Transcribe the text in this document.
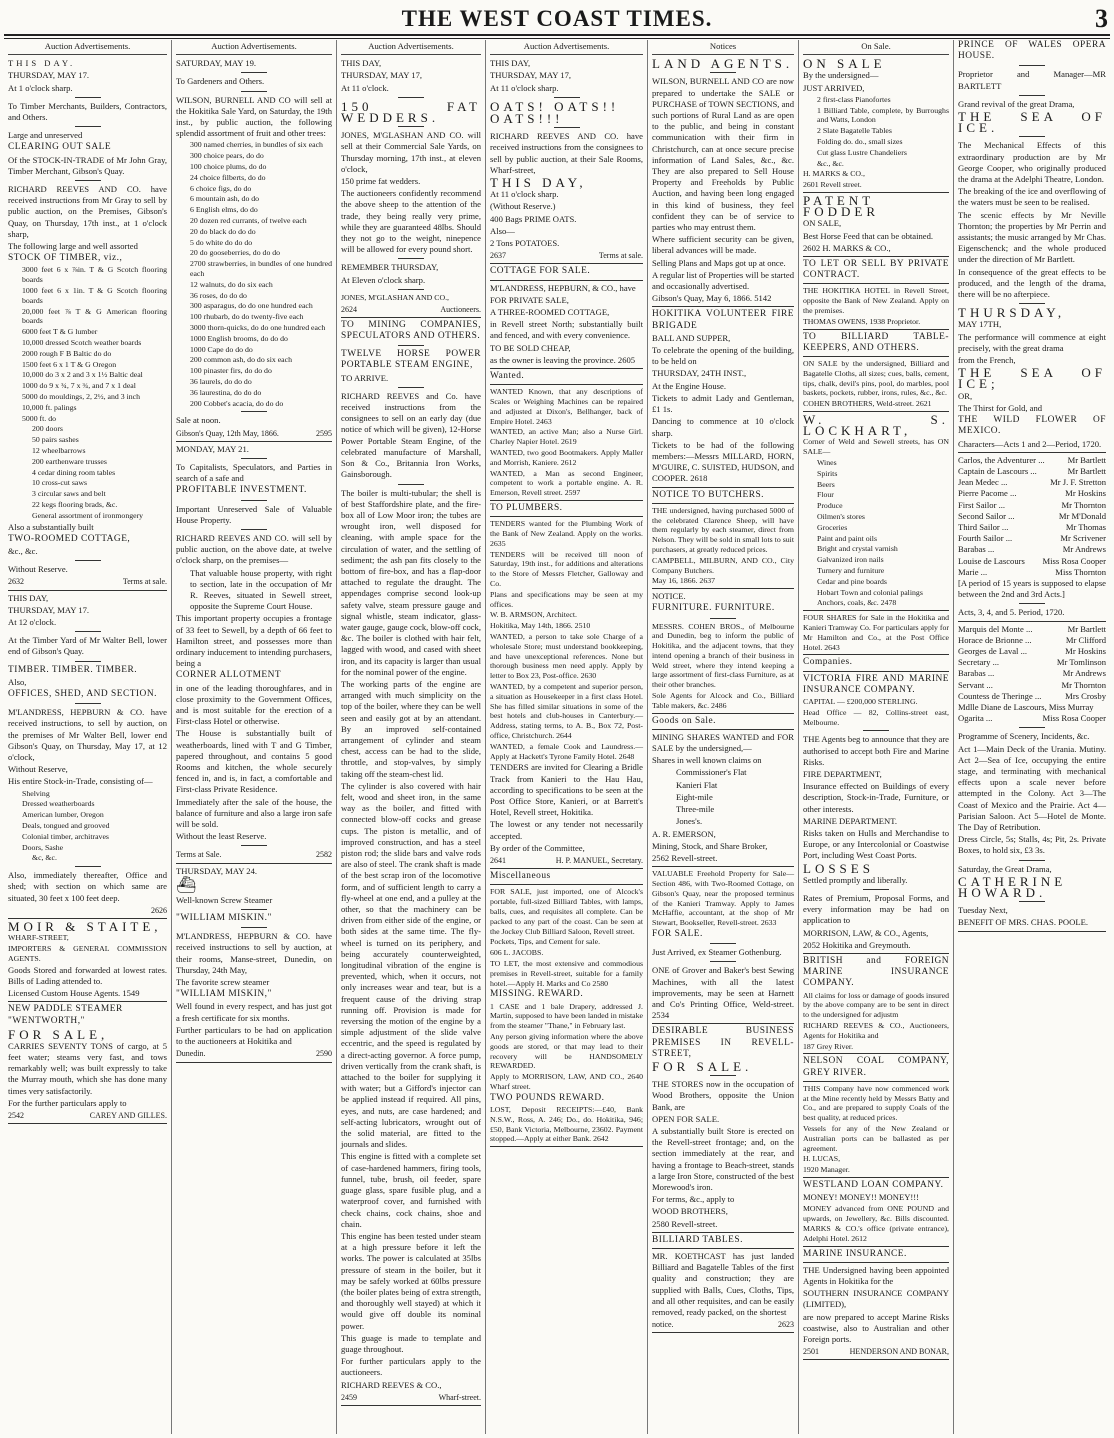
THE WEST COAST TIMES.	3
Auction Advertisements.

THIS DAY.

THURSDAY, MAY 17.

At 1 o'clock sharp.

To Timber Merchants, Builders, Contractors, and Others.

Large and unreserved

CLEARING OUT SALE

Of the STOCK-IN-TRADE of Mr John Gray, Timber Merchant, Gibson's Quay.

RICHARD REEVES AND CO. have received instructions from Mr Gray to sell by public auction, on the Premises, Gibson's Quay, on Thursday, 17th inst., at 1 o'clock sharp,

The following large and well assorted

STOCK OF TIMBER, viz.,

3000 feet 6 x ⅞in. T & G Scotch flooring boards

1000 feet 6 x 1in. T & G Scotch flooring boards

20,000 feet ⅞ T & G American flooring boards

6000 feet T & G lumber

10,000 dressed Scotch weather boards

2000 rough F B Baltic do do

1500 feet 6 x 1 T & G Oregon

10,000 do 3 x 2 and 3 x 1½ Baltic deal

1000 do 9 x ¾, 7 x ¾, and 7 x 1 deal

5000 do mouldings, 2, 2½, and 3 inch

10,000 ft. palings

5000 ft. do

200 doors

50 pairs sashes

12 wheelbarrows

200 earthenware trusses

4 cedar dining room tables

10 cross-cut saws

3 circular saws and belt

22 kegs flooring brads, &c.

General assortment of ironmongery

Also a substantially built

TWO-ROOMED COTTAGE,

&c., &c.

Without Reserve.

2632	Terms at sale.

THIS DAY,

THURSDAY, MAY 17.

At 12 o'clock.

At the Timber Yard of Mr Walter Bell, lower end of Gibson's Quay.

TIMBER. TIMBER. TIMBER.

Also,

OFFICES, SHED, AND SECTION.

M'LANDRESS, HEPBURN & CO. have received instructions, to sell by auction, on the premises of Mr Walter Bell, lower end Gibson's Quay, on Thursday, May 17, at 12 o'clock,

Without Reserve,

His entire Stock-in-Trade, consisting of—

Shelving

Dressed weatherboards

American lumber, Oregon

Deals, tongued and grooved

Colonial timber, architraves

Doors, Sashe

&c, &c.

Also, immediately thereafter, Office and shed; with section on which same are situated, 30 feet x 100 feet deep.

2626

MOIR & STAITE,

WHARF-STREET,

IMPORTERS & GENERAL COMMISSION AGENTS.

Goods Stored and forwarded at lowest rates. Bills of Lading attended to.

Licensed Custom House Agents. 1549

NEW PADDLE STEAMER

"WENTWORTH,"

FOR SALE,

CARRIES SEVENTY TONS of cargo, at 5 feet water; steams very fast, and tows remarkably well; was built expressly to take the Murray mouth, which she has done many times very satisfactorily.

For the further particulars apply to

2542	CAREY AND GILLES.
Auction Advertisements.

SATURDAY, MAY 19.

To Gardeners and Others.

WILSON, BURNELL AND CO will sell at the Hokitika Sale Yard, on Saturday, the 19th inst., by public auction, the following splendid assortment of fruit and other trees:

300 named cherries, in bundles of six each

300 choice pears, do do

100 choice plums, do do

24 choice filberts, do do

6 choice figs, do do

6 mountain ash, do do

6 English elms, do do

20 dozen red currants, of twelve each

20 do black do do do

5 do white do do do

20 do gooseberries, do do do

2700 strawberries, in bundles of one hundred each

12 walnuts, do do six each

36 roses, do do do

300 asparagus, do do one hundred each

100 rhubarb, do do twenty-five each

3000 thorn-quicks, do do one hundred each

1000 English brooms, do do do

1000 Cape do do do

200 common ash, do do six each

100 pinaster firs, do do do

36 laurels, do do do

36 laurestina, do do do

200 Cobbet's acacia, do do do

Sale at noon.

Gibson's Quay, 12th May, 1866.	2595

MONDAY, MAY 21.

To Capitalists, Speculators, and Parties in search of a safe and

PROFITABLE INVESTMENT.

Important Unreserved Sale of Valuable House Property.

RICHARD REEVES AND CO. will sell by public auction, on the above date, at twelve o'clock sharp, on the premises—

That valuable house property, with right to section, late in the occupation of Mr R. Reeves, situated in Sewell street, opposite the Supreme Court House.

This important property occupies a frontage of 33 feet to Sewell, by a depth of 66 feet to Hamilton street, and possesses more than ordinary inducement to intending purchasers, being a

CORNER ALLOTMENT

in one of the leading thoroughfares, and in close proximity to the Government Offices, and is most suitable for the erection of a First-class Hotel or otherwise.

The House is substantially built of weatherboards, lined with T and G Timber, papered throughout, and contains 5 good Rooms and kitchen, the whole securely fenced in, and is, in fact, a comfortable and First-class Private Residence.

Immediately after the sale of the house, the balance of furniture and also a large iron safe will be sold.

Without the least Reserve.

Terms at Sale.	2582

THURSDAY, MAY 24.

⛴

Well-known Screw Steamer

"WILLIAM MISKIN."

M'LANDRESS, HEPBURN & CO. have received instructions to sell by auction, at their rooms, Manse-street, Dunedin, on Thursday, 24th May,

The favorite screw steamer

"WILLIAM MISKIN,"

Well found in every respect, and has just got a fresh certificate for six months.

Further particulars to be had on application to the auctioneers at Hokitika and

Dunedin.	2590
Auction Advertisements.

THIS DAY,

THURSDAY, MAY 17,

At 11 o'clock.

150 FAT WEDDERS.

JONES, M'GLASHAN AND CO. will sell at their Commercial Sale Yards, on Thursday morning, 17th inst., at eleven o'clock,

150 prime fat wedders.

The auctioneers confidently recommend the above sheep to the attention of the trade, they being really very prime, while they are guaranteed 48lbs. Should they not go to the weight, ninepence will be allowed for every pound short.

REMEMBER THURSDAY,

At Eleven o'clock sharp.

JONES, M'GLASHAN AND CO.,

2624	Auctioneers.

TO MINING COMPANIES, SPECULATORS AND OTHERS.

TWELVE HORSE POWER PORTABLE STEAM ENGINE,

TO ARRIVE.

RICHARD REEVES and Co. have received instructions from the consignees to sell on an early day (due notice of which will be given), 12-Horse Power Portable Steam Engine, of the celebrated manufacture of Marshall, Son & Co., Britannia Iron Works, Gainsborough.

The boiler is multi-tubular; the shell is of best Staffordshire plate, and the fire-box all of Low Moor iron; the tubes are wrought iron, well disposed for cleaning, with ample space for the circulation of water, and the settling of sediment; the ash pan fits closely to the bottom of fire-box, and has a flap-door attached to regulate the draught. The appendages comprise second look-up safety valve, steam pressure gauge and signal whistle, steam indicator, glass-water gauge, gauge cock, blow-off cock, &c. The boiler is clothed with hair felt, lagged with wood, and cased with sheet iron, and its capacity is larger than usual for the nominal power of the engine.

The working parts of the engine are arranged with much simplicity on the top of the boiler, where they can be well seen and easily got at by an attendant. By an improved self-contained arrangement of cylinder and steam chest, access can be had to the slide, throttle, and stop-valves, by simply taking off the steam-chest lid.

The cylinder is also covered with hair felt, wood and sheet iron, in the same way as the boiler, and fitted with connected blow-off cocks and grease cups. The piston is metallic, and of improved construction, and has a steel piston rod; the slide bars and valve rods are also of steel. The crank shaft is made of the best scrap iron of the locomotive form, and of sufficient length to carry a fly-wheel at one end, and a pulley at the other, so that the machinery can be driven from either side of the engine, or both sides at the same time. The fly-wheel is turned on its periphery, and being accurately counterweighted, longitudinal vibration of the engine is prevented, which, when it occurs, not only increases wear and tear, but is a frequent cause of the driving strap running off. Provision is made for reversing the motion of the engine by a simple adjustment of the slide valve eccentric, and the speed is regulated by a direct-acting governor. A force pump, driven vertically from the crank shaft, is attached to the boiler for supplying it with water; but a Gifford's injector can be applied instead if required. All pins, eyes, and nuts, are case hardened; and self-acting lubricators, wrought out of the solid material, are fitted to the journals and slides.

This engine is fitted with a complete set of case-hardened hammers, firing tools, funnel, tube, brush, oil feeder, spare guage glass, spare fusible plug, and a waterproof cover, and furnished with check chains, cock chains, shoe and chain.

This engine has been tested under steam at a high pressure before it left the works. The power is calculated at 35lbs pressure of steam in the boiler, but it may be safely worked at 60lbs pressure (the boiler plates being of extra strength, and thoroughly well stayed) at which it would give off double its nominal power.

This guage is made to template and guage throughout.

For further particulars apply to the auctioneers.

RICHARD REEVES & CO.,

2459	Wharf-street.
Auction Advertisements.

THIS DAY,

THURSDAY, MAY 17,

At 11 o'clock sharp.

OATS! OATS!!

OATS!!!

RICHARD REEVES AND CO. have received instructions from the consignees to sell by public auction, at their Sale Rooms, Wharf-street,

THIS DAY,

At 11 o'clock sharp.

(Without Reserve.)

400 Bags PRIME OATS.

Also—

2 Tons POTATOES.

2637	Terms at sale.

COTTAGE FOR SALE.

M'LANDRESS, HEPBURN, & CO., have

FOR PRIVATE SALE,

A THREE-ROOMED COTTAGE,

in Revell street North; substantially built and fenced, and with every convenience.

TO BE SOLD CHEAP,

as the owner is leaving the province. 2605

Wanted.

WANTED Known, that any descriptions of Scales or Weighing Machines can be repaired and adjusted at Dixon's, Bellhanger, back of Empire Hotel. 2463

WANTED, an active Man; also a Nurse Girl. Charley Napier Hotel. 2619

WANTED, two good Bootmakers. Apply Maller and Morrish, Kaniere. 2612

WANTED, a Man as second Engineer, competent to work a portable engine. A. R. Emerson, Revell street. 2597

TO PLUMBERS.

TENDERS wanted for the Plumbing Work of the Bank of New Zealand. Apply on the works. 2635

TENDERS will be received till noon of Saturday, 19th inst., for additions and alterations to the Store of Messrs Fletcher, Galloway and Co.

Plans and specifications may be seen at my offices.

W. B. ARMSON, Architect.

Hokitika, May 14th, 1866. 2510

WANTED, a person to take sole Charge of a wholesale Store; must understand bookkeeping, and have unexceptional references. None but thorough business men need apply. Apply by letter to Box 23, Post-office. 2630

WANTED, by a competent and superior person, a situation as Housekeeper in a first class Hotel. She has filled similar situations in some of the best hotels and club-houses in Canterbury.—Address, stating terms, to A. B., Box 72, Post-office, Christchurch. 2644

WANTED, a female Cook and Laundress.—Apply at Hackett's Tyrone Family Hotel. 2648

TENDERS are invited for Clearing a Bridle Track from Kanieri to the Hau Hau, according to specifications to be seen at the Post Office Store, Kanieri, or at Barrett's Hotel, Revell street, Hokitika.

The lowest or any tender not necessarily accepted.

By order of the Committee,

2641	H. P. MANUEL, Secretary.

Miscellaneous

FOR SALE, just imported, one of Alcock's portable, full-sized Billiard Tables, with lamps, balls, cues, and requisites all complete. Can be packed to any part of the coast. Can be seen at the Jockey Club Billiard Saloon, Revell street.

Pockets, Tips, and Cement for sale.

606 L. JACOBS.

TO LET, the most extensive and commodious premises in Revell-street, suitable for a family hotel.—Apply H. Marks and Co 2580

MISSING. REWARD.

1 CASE and 1 bale Drapery, addressed J. Martin, supposed to have been landed in mistake from the steamer "Thane," in February last.

Any person giving information where the above goods are stored, or that may lead to their recovery will be HANDSOMELY REWARDED.

Apply to MORRISON, LAW, AND CO., 2640 Wharf street.

TWO POUNDS REWARD.

LOST, Deposit RECEIPTS:—£40, Bank N.S.W., Ross, A. 246; Do., do. Hokitika, 946; £50, Bank Victoria, Melbourne, 23602. Payment stopped.—Apply at either Bank. 2642

Notices

LAND AGENTS.

WILSON, BURNELL AND CO are now prepared to undertake the SALE or PURCHASE of TOWN SECTIONS, and such portions of Rural Land as are open to the public, and being in constant communication with their firm in Christchurch, can at once secure precise information of Land Sales, &c., &c. They are also prepared to Sell House Property and Freeholds by Public Auction, and having been long engaged in this kind of business, they feel confident they can be of service to parties who may entrust them.

Where sufficient security can be given, liberal advances will be made.

Selling Plans and Maps got up at once.

A regular list of Properties will be started and occasionally advertised.

Gibson's Quay, May 6, 1866. 5142

HOKITIKA VOLUNTEER FIRE BRIGADE

BALL AND SUPPER,

To celebrate the opening of the building, to be held on

THURSDAY, 24TH INST.,

At the Engine House.

Tickets to admit Lady and Gentleman, £1 1s.

Dancing to commence at 10 o'clock sharp.

Tickets to be had of the following members:—Messrs MILLARD, HORN, M'GUIRE, C. SUISTED, HUDSON, and COOPER. 2618

NOTICE TO BUTCHERS.

THE undersigned, having purchased 5000 of the celebrated Clarence Sheep, will have them regularly by each steamer, direct from Nelson. They will be sold in small lots to suit purchasers, at greatly reduced prices.

CAMPBELL, MILBURN, AND CO., City Company Butchers.

May 16, 1866. 2637

NOTICE.

FURNITURE. FURNITURE.

MESSRS. COHEN BROS., of Melbourne and Dunedin, beg to inform the public of Hokitika, and the adjacent towns, that they intend opening a branch of their business in Weld street, where they intend keeping a large assortment of first-class Furniture, as at their other branches.

Sole Agents for Alcock and Co., Billiard Table makers, &c. 2486

Goods on Sale.

MINING SHARES WANTED and FOR SALE by the undersigned,—

Shares in well known claims on

Commissioner's Flat

Kanieri Flat

Eight-mile

Three-mile

Jones's.

A. R. EMERSON,

Mining, Stock, and Share Broker,

2562 Revell-street.

VALUABLE Freehold Property for Sale—Section 486, with Two-Roomed Cottage, on Gibson's Quay, near the proposed terminus of the Kanieri Tramway. Apply to James McHaffie, accountant, at the shop of Mr Stewart, Bookseller, Revell-street. 2633

FOR SALE.

Just Arrived, ex Steamer Gothenburg.

ONE of Grover and Baker's best Sewing Machines, with all the latest improvements, may be seen at Harnett and Co's Printing Office, Weld-street. 2534

DESIRABLE BUSINESS PREMISES IN REVELL-STREET,

FOR SALE.

THE STORES now in the occupation of Wood Brothers, opposite the Union Bank, are

OPEN FOR SALE.

A substantially built Store is erected on the Revell-street frontage; and, on the section immediately at the rear, and having a frontage to Beach-street, stands a large Iron Store, constructed of the best Morewood's iron.

For terms, &c., apply to

WOOD BROTHERS,

2580 Revell-street.

BILLIARD TABLES.

MR. KOETHCAST has just landed Billiard and Bagatelle Tables of the first quality and construction; they are supplied with Balls, Cues, Cloths, Tips, and all other requisites, and can be easily removed, ready packed, on the shortest

notice.	2623
On Sale.

ON SALE

By the undersigned—

JUST ARRIVED,

2 first-class Pianofortes

1 Billiard Table, complete, by Burroughs and Watts, London

2 Slate Bagatelle Tables

Folding do. do., small sizes

Cut glass Lustre Chandeliers

&c., &c.

H. MARKS & CO.,

2601 Revell street.

PATENT FODDER

ON SALE,

Best Horse Feed that can be obtained.

2602 H. MARKS & CO.,

TO LET OR SELL BY PRIVATE CONTRACT.

THE HOKITIKA HOTEL in Revell Street, opposite the Bank of New Zealand. Apply on the premises.

THOMAS OWENS, 1938 Proprietor.

TO BILLIARD TABLE-KEEPERS, AND OTHERS.

ON SALE by the undersigned, Billiard and Bagatelle Cloths, all sizes; cues, balls, cement, tips, chalk, devil's pins, pool, do marbles, pool baskets, pockets, rubber, irons, rules, &c., &c.

COHEN BROTHERS, Weld-street. 2621

W. S. LOCKHART,

Corner of Weld and Sewell streets, has ON SALE—

Wines

Spirits

Beers

Flour

Produce

Oilmen's stores

Groceries

Paint and paint oils

Bright and crystal varnish

Galvanized iron nails

Turnery and furniture

Cedar and pine boards

Hobart Town and colonial palings

Anchors, coals, &c. 2478

FOUR SHARES for Sale in the Hokitika and Kanieri Tramway Co. For particulars apply for Mr Hamilton and Co., at the Post Office Hotel. 2643

Companies.

VICTORIA FIRE AND MARINE INSURANCE COMPANY.

CAPITAL — £200,000 STERLING.

Head Office — 82, Collins-street east, Melbourne.

THE Agents beg to announce that they are authorised to accept both Fire and Marine Risks.

FIRE DEPARTMENT,

Insurance effected on Buildings of every description, Stock-in-Trade, Furniture, or other interests.

MARINE DEPARTMENT.

Risks taken on Hulls and Merchandise to Europe, or any Intercolonial or Coastwise Port, including West Coast Ports.

LOSSES

Settled promptly and liberally.

Rates of Premium, Proposal Forms, and every information may be had on application to

MORRISON, LAW, & CO., Agents,

2052 Hokitika and Greymouth.

BRITISH and FOREIGN MARINE INSURANCE COMPANY.

All claims for loss or damage of goods insured by the above company are to be sent in direct to the undersigned for adjustm

RICHARD REEVES & CO., Auctioneers, Agents for Hokitika and

187 Grey River.

NELSON COAL COMPANY, GREY RIVER.

THIS Company have now commenced work at the Mine recently held by Messrs Batty and Co., and are prepared to supply Coals of the best quality, at reduced prices.

Vessels for any of the New Zealand or Australian ports can be ballasted as per agreement.

H. LUCAS,

1920 Manager.

WESTLAND LOAN COMPANY.

MONEY! MONEY!! MONEY!!!

MONEY advanced from ONE POUND and upwards, on Jewellery, &c. Bills discounted. MARKS & CO.'s office (private entrance), Adelphi Hotel. 2612

MARINE INSURANCE.

THE Undersigned having been appointed Agents in Hokitika for the

SOUTHERN INSURANCE COMPANY (LIMITED),

are now prepared to accept Marine Risks coastwise, also to Australian and other Foreign ports.

2501	HENDERSON AND BONAR,

PRINCE OF WALES OPERA HOUSE.

Proprietor and Manager—MR BARTLETT

Grand revival of the great Drama,

THE SEA OF ICE.

The Mechanical Effects of this extraordinary production are by Mr George Cooper, who originally produced the drama at the Adelphi Theatre, London.

The breaking of the ice and overflowing of the waters must be seen to be realised.

The scenic effects by Mr Neville Thornton; the properties by Mr Perrin and assistants; the music arranged by Mr Chas. Eigenschenck; and the whole produced under the direction of Mr Bartlett.

In consequence of the great effects to be produced, and the length of the drama, there will be no afterpiece.

THURSDAY,

MAY 17TH,

The performance will commence at eight precisely, with the great drama

from the French,

THE SEA OF ICE;

OR,

The Thirst for Gold, and

THE WILD FLOWER OF MEXICO.

Characters—Acts 1 and 2—Period, 1720.

Carlos, the Adventurer ...	Mr Bartlett
Captain de Lascours ...	Mr Bartlett
Jean Medec ...	Mr J. F. Stretton
Pierre Pacome ...	Mr Hoskins
First Sailor ...	Mr Thornton
Second Sailor ...	Mr M'Donald
Third Sailor ...	Mr Thomas
Fourth Sailor ...	Mr Scrivener
Barabas ...	Mr Andrews
Louise de Lascours Miss Rosa Cooper
Marie ...	Miss Thornton

[A period of 15 years is supposed to elapse between the 2nd and 3rd Acts.]

Acts, 3, 4, and 5. Period, 1720.

Marquis del Monte ...	Mr Bartlett
Horace de Brionne ...	Mr Clifford
Georges de Laval ...	Mr Hoskins
Secretary ...	Mr Tomlinson
Barabas ...	Mr Andrews
Servant ...	Mr Thornton
Countess de Theringe ...	Mrs Crosby
Mdlle Diane de Lascours, Miss Murray
Ogarita ...	Miss Rosa Cooper

Programme of Scenery, Incidents, &c.

Act 1—Main Deck of the Urania. Mutiny. Act 2—Sea of Ice, occupying the entire stage, and terminating with mechanical effects upon a scale never before attempted in the Colony. Act 3—The Coast of Mexico and the Prairie. Act 4—Parisian Saloon. Act 5—Hotel de Monte. The Day of Retribution.

Dress Circle, 5s; Stalls, 4s; Pit, 2s. Private Boxes, to hold six, £3 3s.

Saturday, the Great Drama,

CATHERINE HOWARD.

Tuesday Next,

BENEFIT OF MRS. CHAS. POOLE.
